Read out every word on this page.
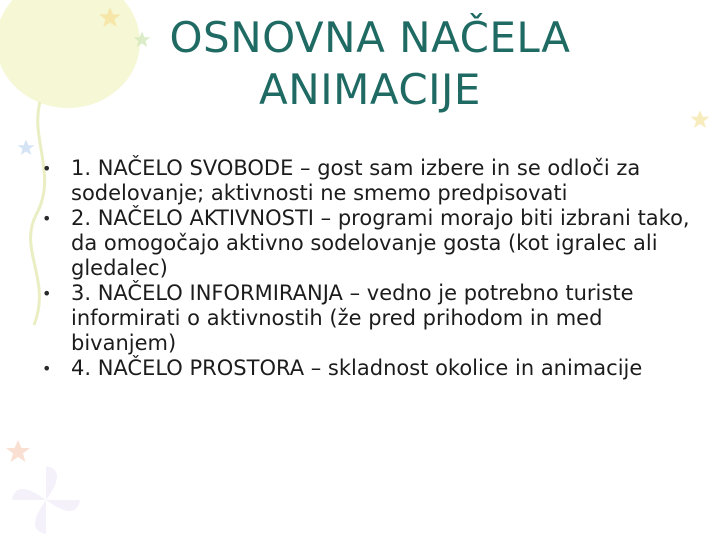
OSNOVNA NAČELA ANIMACIJE
• 1. NAČELO SVOBODE – gost sam izbere in se odloči za sodelovanje; aktivnosti ne smemo predpisovati
• 2. NAČELO AKTIVNOSTI – programi morajo biti izbrani tako, da omogočajo aktivno sodelovanje gosta (kot igralec ali gledalec)
• 3. NAČELO INFORMIRANJA – vedno je potrebno turiste informirati o aktivnostih (že pred prihodom in med bivanjem)
• 4. NAČELO PROSTORA – skladnost okolice in animacije
